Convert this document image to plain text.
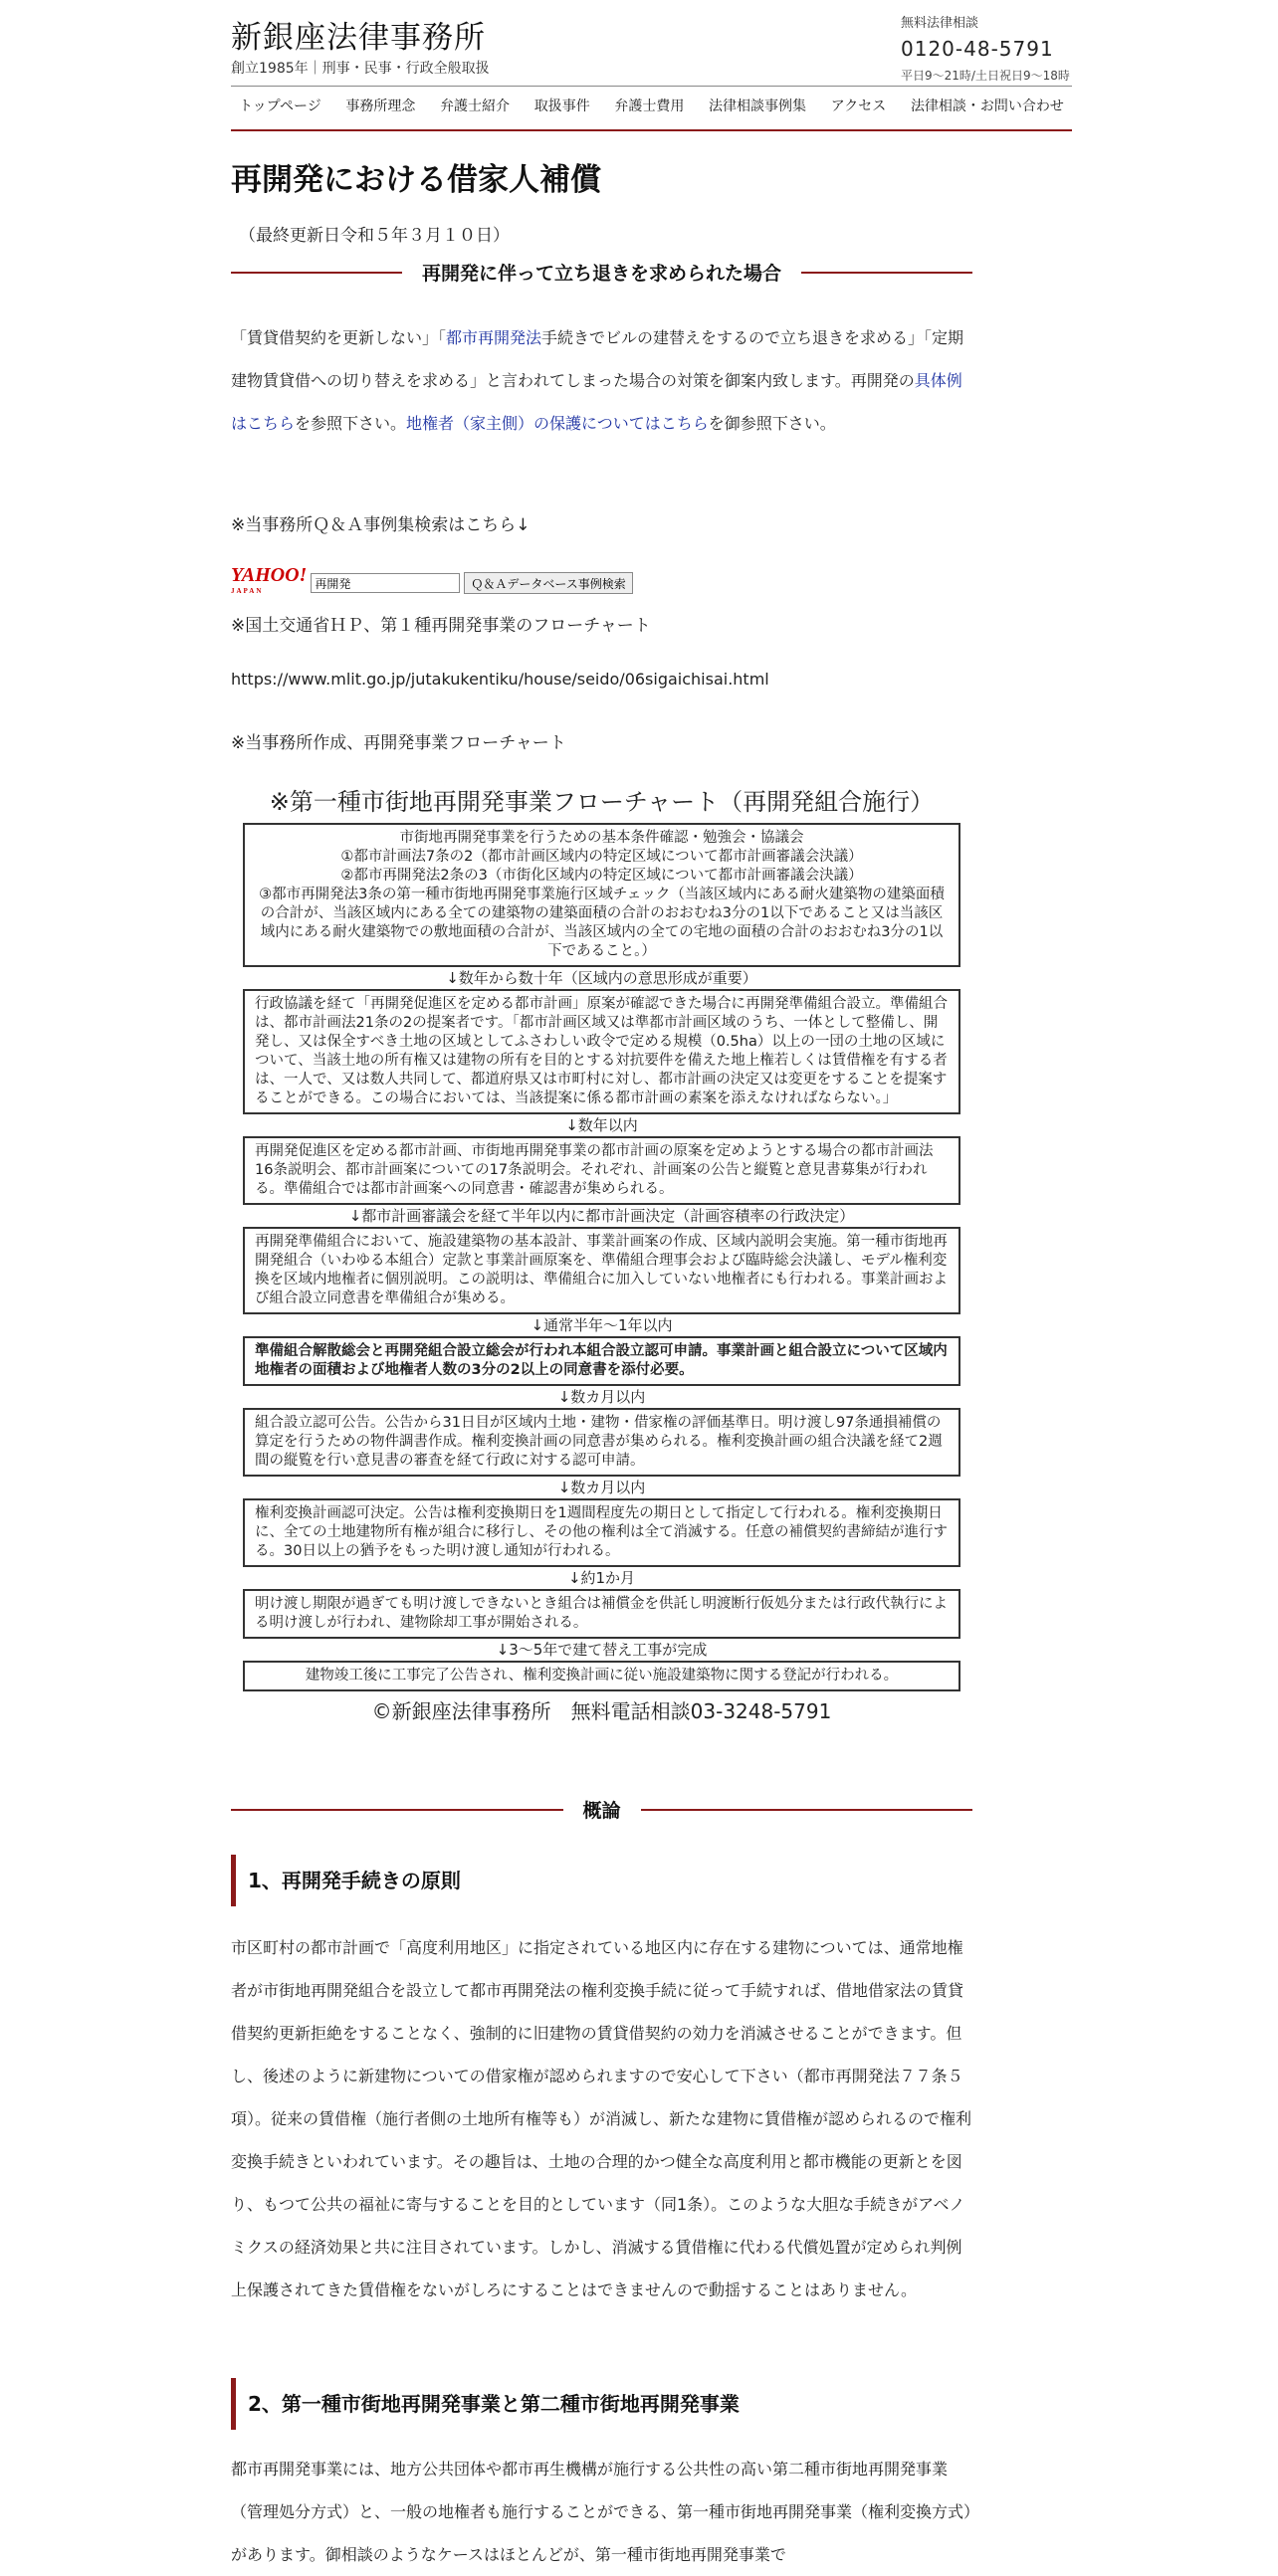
新銀座法律事務所
創立1985年｜刑事・民事・行政全般取扱
無料法律相談
0120-48-5791
平日9～21時/土日祝日9～18時
トップページ	事務所理念	弁護士紹介	取扱事件	弁護士費用	法律相談事例集	アクセス	法律相談・お問い合わせ
再開発における借家人補償
（最終更新日令和５年３月１０日）
再開発に伴って立ち退きを求められた場合
「賃貸借契約を更新しない」「都市再開発法手続きでビルの建替えをするので立ち退きを求める」「定期建物賃貸借への切り替えを求める」と言われてしまった場合の対策を御案内致します。再開発の具体例はこちらを参照下さい。地権者（家主側）の保護についてはこちらを御参照下さい。
※当事務所Ｑ＆Ａ事例集検索はこちら↓
YAHOO!
JAPAN
再開発
Ｑ＆Ａデータベース事例検索
※国土交通省ＨＰ、第１種再開発事業のフローチャート
https://www.mlit.go.jp/jutakukentiku/house/seido/06sigaichisai.html
※当事務所作成、再開発事業フローチャート
※第一種市街地再開発事業フローチャート（再開発組合施行）
市街地再開発事業を行うための基本条件確認・勉強会・協議会
①都市計画法7条の2（都市計画区域内の特定区域について都市計画審議会決議）
②都市再開発法2条の3（市街化区域内の特定区域について都市計画審議会決議）
③都市再開発法3条の第一種市街地再開発事業施行区域チェック（当該区域内にある耐火建築物の建築面積の合計が、当該区域内にある全ての建築物の建築面積の合計のおおむね3分の1以下であること又は当該区域内にある耐火建築物での敷地面積の合計が、当該区域内の全ての宅地の面積の合計のおおむね3分の1以下であること。）
↓数年から数十年（区域内の意思形成が重要）
行政協議を経て「再開発促進区を定める都市計画」原案が確認できた場合に再開発準備組合設立。準備組合は、都市計画法21条の2の提案者です。「都市計画区域又は準都市計画区域のうち、一体として整備し、開発し、又は保全すべき土地の区域としてふさわしい政令で定める規模（0.5ha）以上の一団の土地の区域について、当該土地の所有権又は建物の所有を目的とする対抗要件を備えた地上権若しくは賃借権を有する者は、一人で、又は数人共同して、都道府県又は市町村に対し、都市計画の決定又は変更をすることを提案することができる。この場合においては、当該提案に係る都市計画の素案を添えなければならない。」
↓数年以内
再開発促進区を定める都市計画、市街地再開発事業の都市計画の原案を定めようとする場合の都市計画法16条説明会、都市計画案についての17条説明会。それぞれ、計画案の公告と縦覧と意見書募集が行われる。準備組合では都市計画案への同意書・確認書が集められる。
↓都市計画審議会を経て半年以内に都市計画決定（計画容積率の行政決定）
再開発準備組合において、施設建築物の基本設計、事業計画案の作成、区域内説明会実施。第一種市街地再開発組合（いわゆる本組合）定款と事業計画原案を、準備組合理事会および臨時総会決議し、モデル権利変換を区域内地権者に個別説明。この説明は、準備組合に加入していない地権者にも行われる。事業計画および組合設立同意書を準備組合が集める。
↓通常半年～1年以内
準備組合解散総会と再開発組合設立総会が行われ本組合設立認可申請。事業計画と組合設立について区域内地権者の面積および地権者人数の3分の2以上の同意書を添付必要。
↓数カ月以内
組合設立認可公告。公告から31日目が区域内土地・建物・借家権の評価基準日。明け渡し97条通損補償の算定を行うための物件調書作成。権利変換計画の同意書が集められる。権利変換計画の組合決議を経て2週間の縦覧を行い意見書の審査を経て行政に対する認可申請。
↓数カ月以内
権利変換計画認可決定。公告は権利変換期日を1週間程度先の期日として指定して行われる。権利変換期日に、全ての土地建物所有権が組合に移行し、その他の権利は全て消滅する。任意の補償契約書締結が進行する。30日以上の猶予をもった明け渡し通知が行われる。
↓約1か月
明け渡し期限が過ぎても明け渡しできないとき組合は補償金を供託し明渡断行仮処分または行政代執行による明け渡しが行われ、建物除却工事が開始される。
↓3～5年で建て替え工事が完成
建物竣工後に工事完了公告され、権利変換計画に従い施設建築物に関する登記が行われる。
©新銀座法律事務所　無料電話相談03-3248-5791
概論
1、再開発手続きの原則
市区町村の都市計画で「高度利用地区」に指定されている地区内に存在する建物については、通常地権者が市街地再開発組合を設立して都市再開発法の権利変換手続に従って手続すれば、借地借家法の賃貸借契約更新拒絶をすることなく、強制的に旧建物の賃貸借契約の効力を消滅させることができます。但し、後述のように新建物についての借家権が認められますので安心して下さい（都市再開発法７７条５項）。従来の賃借権（施行者側の土地所有権等も）が消滅し、新たな建物に賃借権が認められるので権利変換手続きといわれています。その趣旨は、土地の合理的かつ健全な高度利用と都市機能の更新とを図り、もつて公共の福祉に寄与することを目的としています（同1条）。このような大胆な手続きがアベノミクスの経済効果と共に注目されています。しかし、消滅する賃借権に代わる代償処置が定められ判例上保護されてきた賃借権をないがしろにすることはできませんので動揺することはありません。
2、第一種市街地再開発事業と第二種市街地再開発事業
都市再開発事業には、地方公共団体や都市再生機構が施行する公共性の高い第二種市街地再開発事業（管理処分方式）と、一般の地権者も施行することができる、第一種市街地再開発事業（権利変換方式）があります。御相談のようなケースはほとんどが、第一種市街地再開発事業で
